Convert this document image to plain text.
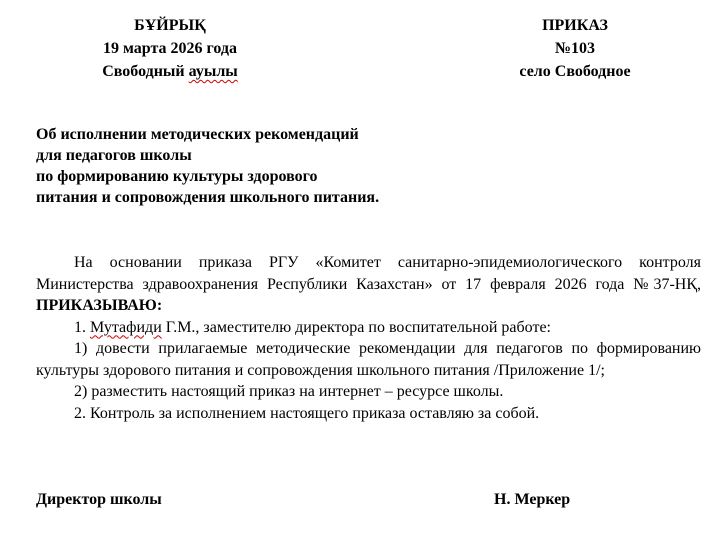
БҰЙРЫҚ
19 марта 2026 года
Свободный ауылы
ПРИКАЗ
№103
село Свободное
Об исполнении методических рекомендаций
для педагогов школы
по формированию культуры здорового
питания и сопровождения школьного питания.

На основании приказа РГУ «Комитет санитарно-эпидемиологического контроля Министерства здравоохранения Республики Казахстан» от 17 февраля 2026 года №37-НҚ, ПРИКАЗЫВАЮ:

1. Мутафиди Г.М., заместителю директора по воспитательной работе:

1) довести прилагаемые методические рекомендации для педагогов по формированию культуры здорового питания и сопровождения школьного питания /Приложение 1/;

2) разместить настоящий приказ на интернет – ресурсе школы.

2. Контроль за исполнением настоящего приказа оставляю за собой.

Директор школы	Н. Меркер
